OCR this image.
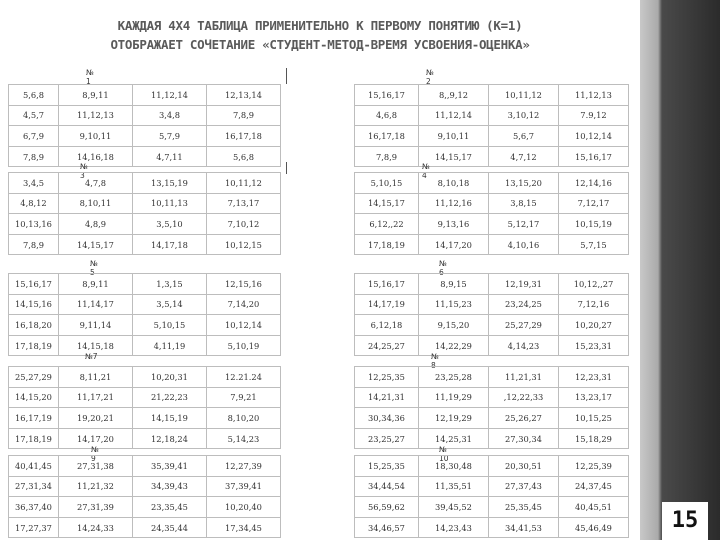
15
КАЖДАЯ 4Х4 ТАБЛИЦА ПРИМЕНИТЕЛЬНО К ПЕРВОМУ ПОНЯТИЮ (К=1)
ОТОБРАЖАЕТ СОЧЕТАНИЕ «СТУДЕНТ-МЕТОД-ВРЕМЯ УСВОЕНИЯ-ОЦЕНКА»
№ 1
5,6,8	8,9,11	11,12,14	12,13,14
4,5,7	11,12,13	3,4,8	7,8,9
6,7,9	9,10,11	5,7,9	16,17,18
7,8,9	14,16,18	4,7,11	5,6,8
№ 2
15,16,17	8,,9,12	10,11,12	11,12,13
4,6,8	11,12,14	3,10,12	7.9,12
16,17,18	9,10,11	5,6,7	10,12,14
7,8,9	14,15,17	4,7,12	15,16,17
№ 3
3,4,5	4,7,8	13,15,19	10,11,12
4,8,12	8,10,11	10,11,13	7,13,17
10,13,16	4,8,9	3,5,10	7,10,12
7,8,9	14,15,17	14,17,18	10,12,15
№ 4
5,10,15	8,10,18	13,15,20	12,14,16
14,15,17	11,12,16	3,8,15	7,12,17
6,12,,22	9,13,16	5,12,17	10,15,19
17,18,19	14,17,20	4,10,16	5,7,15
№ 5
15,16,17	8,9,11	1,3,15	12,15,16
14,15,16	11,14,17	3,5,14	7,14,20
16,18,20	9,11,14	5,10,15	10,12,14
17,18,19	14,15,18	4,11,19	5,10,19
№ 6
15,16,17	8,9,15	12,19,31	10,12,,27
14,17,19	11,15,23	23,24,25	7,12,16
6,12,18	9,15,20	25,27,29	10,20,27
24,25,27	14,22,29	4,14,23	15,23,31
№7
25,27,29	8,11,21	10,20,31	12.21.24
14,15,20	11,17,21	21,22,23	7,9,21
16,17,19	19,20,21	14,15,19	8,10,20
17,18,19	14,17,20	12,18,24	5,14,23
№ 8
12,25,35	23,25,28	11,21,31	12,23,31
14,21,31	11,19,29	,12,22,33	13,23,17
30,34,36	12,19,29	25,26,27	10,15,25
23,25,27	14,25,31	27,30,34	15,18,29
№ 9
40,41,45	27,31,38	35,39,41	12,27,39
27,31,34	11,21,32	34,39,43	37,39,41
36,37,40	27,31,39	23,35,45	10,20,40
17,27,37	14,24,33	24,35,44	17,34,45
№ 10
15,25,35	18,30,48	20,30,51	12,25,39
34,44,54	11,35,51	27,37,43	24,37,45
56,59,62	39,45,52	25,35,45	40,45,51
34,46,57	14,23,43	34,41,53	45,46,49
